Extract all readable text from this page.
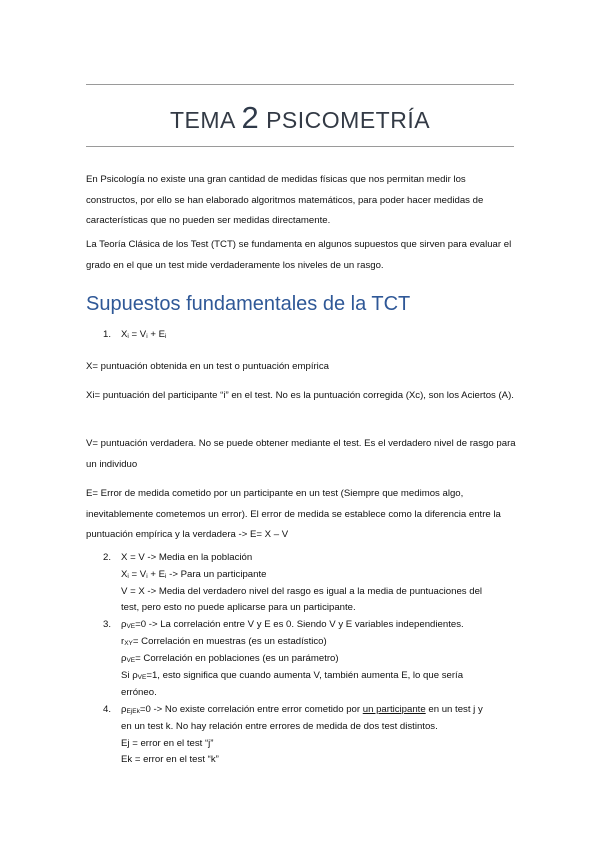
TEMA 2 PSICOMETRÍA
En Psicología no existe una gran cantidad de medidas físicas que nos permitan medir los constructos, por ello se han elaborado algoritmos matemáticos, para poder hacer medidas de características que no pueden ser medidas directamente.
La Teoría Clásica de los Test (TCT) se fundamenta en algunos supuestos que sirven para evaluar el grado en el que un test mide verdaderamente los niveles de un rasgo.
Supuestos fundamentales de la TCT
1. $X_i = V_i + E_i$
X= puntuación obtenida en un test o puntuación empírica
Xi= puntuación del participante “i” en el test. No es la puntuación corregida (Xc), son los Aciertos (A).
V= puntuación verdadera. No se puede obtener mediante el test. Es el verdadero nivel de rasgo para un individuo
E= Error de medida cometido por un participante en un test (Siempre que medimos algo, inevitablemente cometemos un error). El error de medida se establece como la diferencia entre la puntuación empírica y la verdadera -> E= X – V
2. X = V -> Media en la población
$X_i = V_i + E_i$ -> Para un participante
V = X -> Media del verdadero nivel del rasgo es igual a la media de puntuaciones del
test, pero esto no puede aplicarse para un participante.
3. $\rho_{VE}=0 -> La$ correlación entre V y E es 0. Siendo V y E variables independientes.
$r_{XY}=$ Correlación en muestras (es un estadístico)
$\rho_{VE}=$ Correlación en poblaciones (es un parámetro)
Si $\rho_{VE}=1$, esto significa que cuando aumenta V, también aumenta E, lo que sería
erróneo.
4. $\rho_{EjEk}=0 -> No$ existe correlación entre error cometido por un participante en un test j y
en un test k. No hay relación entre errores de medida de dos test distintos.
Ej = error en el test “j”
Ek = error en el test “k”
